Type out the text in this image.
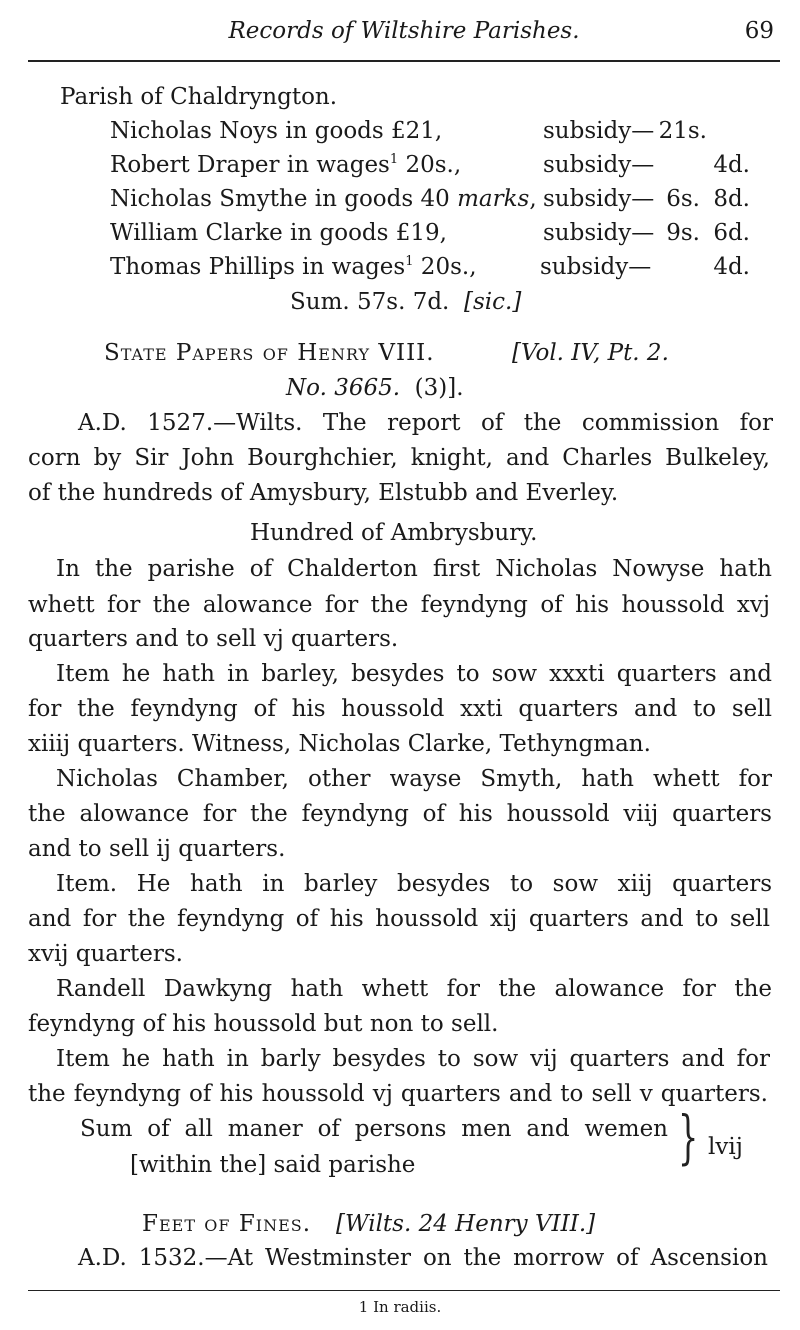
Records of Wiltshire Parishes.	69
Parish of Chaldryngton.
Nicholas Noys in goods £21,	subsidy— 21s.
Robert Draper in wages$^1$ 20s.,	subsidy—	4d.
Nicholas Smythe in goods 40 marks, subsidy— 6s. 8d.
William Clarke in goods £19,	subsidy— 9s. 6d.
Thomas Phillips in wages$^1$ 20s.,	subsidy—	4d.
Sum. 57s. 7d. [sic.]
State Papers of Henry VIII.	[Vol. IV, Pt. 2.
No. 3665. (3)].
A.D. 1527.—Wilts. The report of the commission for
corn by Sir John Bourghchier, knight, and Charles Bulkeley,
of the hundreds of Amysbury, Elstubb and Everley.
Hundred of Ambrysbury.
In the parishe of Chalderton first Nicholas Nowyse hath
whett for the alowance for the feyndyng of his houssold xvj
quarters and to sell vj quarters.
Item he hath in barley, besydes to sow xxxti quarters and
for the feyndyng of his houssold xxti quarters and to sell
xiiij quarters. Witness, Nicholas Clarke, Tethyngman.
Nicholas Chamber, other wayse Smyth, hath whett for
the alowance for the feyndyng of his houssold viij quarters
and to sell ij quarters.
Item. He hath in barley besydes to sow xiij quarters
and for the feyndyng of his houssold xij quarters and to sell
xvij quarters.
Randell Dawkyng hath whett for the alowance for the
feyndyng of his houssold but non to sell.
Item he hath in barly besydes to sow vij quarters and for
the feyndyng of his houssold vj quarters and to sell v quarters.
Sum of all maner of persons men and wemen
[within the] said parishe	} lvij
Feet of Fines. [Wilts. 24 Henry VIII.]
A.D. 1532.—At Westminster on the morrow of Ascension
1 In radiis.
